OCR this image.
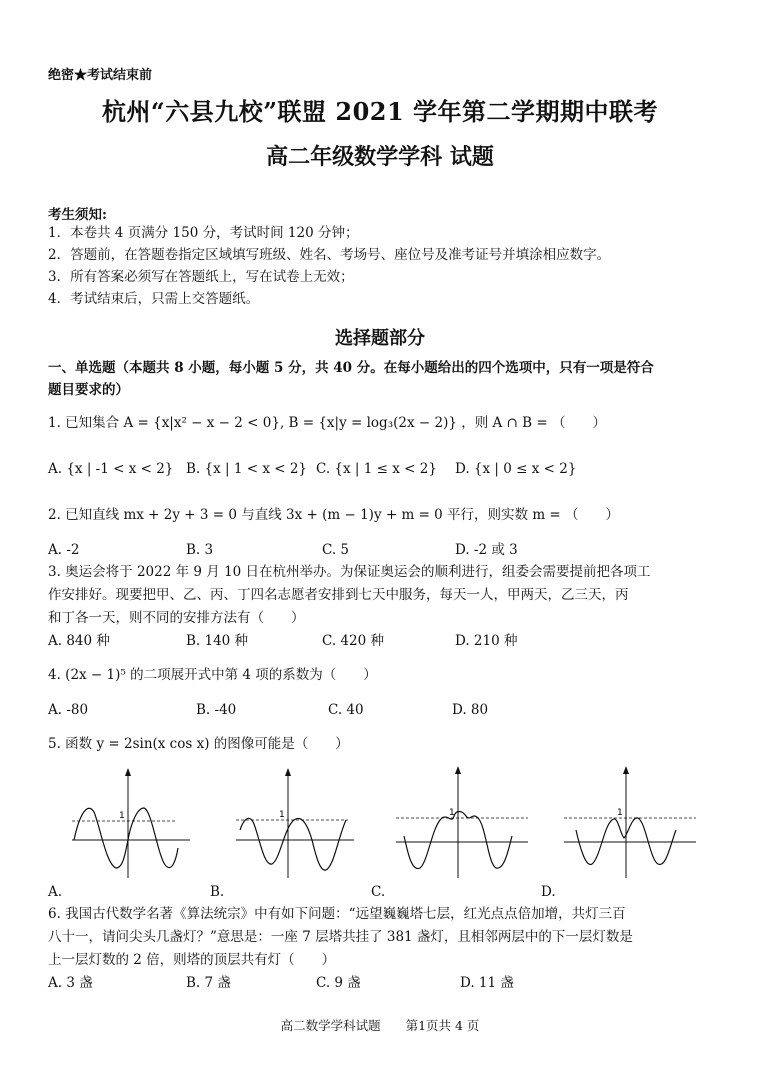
绝密★考试结束前
杭州“六县九校”联盟 2021 学年第二学期期中联考
高二年级数学学科 试题
考生须知:
1．本卷共 4 页满分 150 分，考试时间 120 分钟；
2．答题前，在答题卷指定区域填写班级、姓名、考场号、座位号及准考证号并填涂相应数字。
3．所有答案必须写在答题纸上，写在试卷上无效；
4．考试结束后，只需上交答题纸。
选择题部分
一、单选题（本题共 8 小题，每小题 5 分，共 40 分。在每小题给出的四个选项中，只有一项是符合
题目要求的）
1. 已知集合 A = {x|x² − x − 2 < 0}, B = {x|y = log₃(2x − 2)} ，则 A ∩ B = （　　）
A. {x | -1 < x < 2} B. {x | 1 < x < 2} C. {x | 1 ≤ x < 2} D. {x | 0 ≤ x < 2}
2. 已知直线 mx + 2y + 3 = 0 与直线 3x + (m − 1)y + m = 0 平行，则实数 m = （　　）
A. -2	B. 3	C. 5	D. -2 或 3
3. 奥运会将于 2022 年 9 月 10 日在杭州举办。为保证奥运会的顺利进行，组委会需要提前把各项工
作安排好。现要把甲、乙、丙、丁四名志愿者安排到七天中服务，每天一人，甲两天，乙三天，丙
和丁各一天，则不同的安排方法有（　　）
A. 840 种	B. 140 种	C. 420 种	D. 210 种
4. (2x − 1)⁵ 的二项展开式中第 4 项的系数为（　　）
A. -80	B. -40	C. 40	D. 80
5. 函数 y = 2sin(x cos x) 的图像可能是（　　）
1
A.
1
B.
1
C.
1
D.
6. 我国古代数学名著《算法统宗》中有如下问题：“远望巍巍塔七层，红光点点倍加增，共灯三百
八十一，请问尖头几盏灯？”意思是：一座 7 层塔共挂了 381 盏灯，且相邻两层中的下一层灯数是
上一层灯数的 2 倍，则塔的顶层共有灯（　　）
A. 3 盏	B. 7 盏	C. 9 盏	D. 11 盏
高二数学学科试题　　第1页共 4 页
